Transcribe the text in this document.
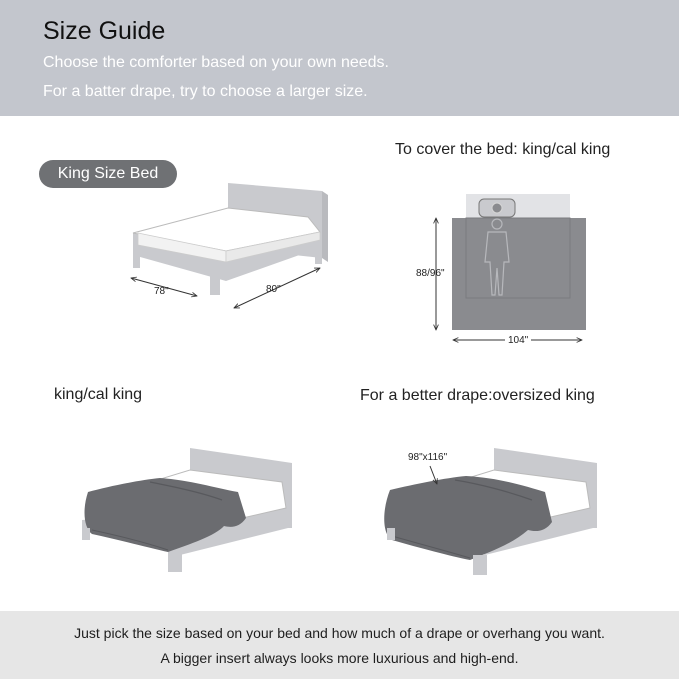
Size Guide
Choose the comforter based on your own needs.
For a batter drape, try to choose a larger size.
King Size Bed
78"	80"
To cover the bed: king/cal king
88/96"
104"
king/cal king	For a better drape:oversized king
98"x116"
Just pick the size based on your bed and how much of a drape or overhang you want.
A bigger insert always looks more luxurious and high-end.
